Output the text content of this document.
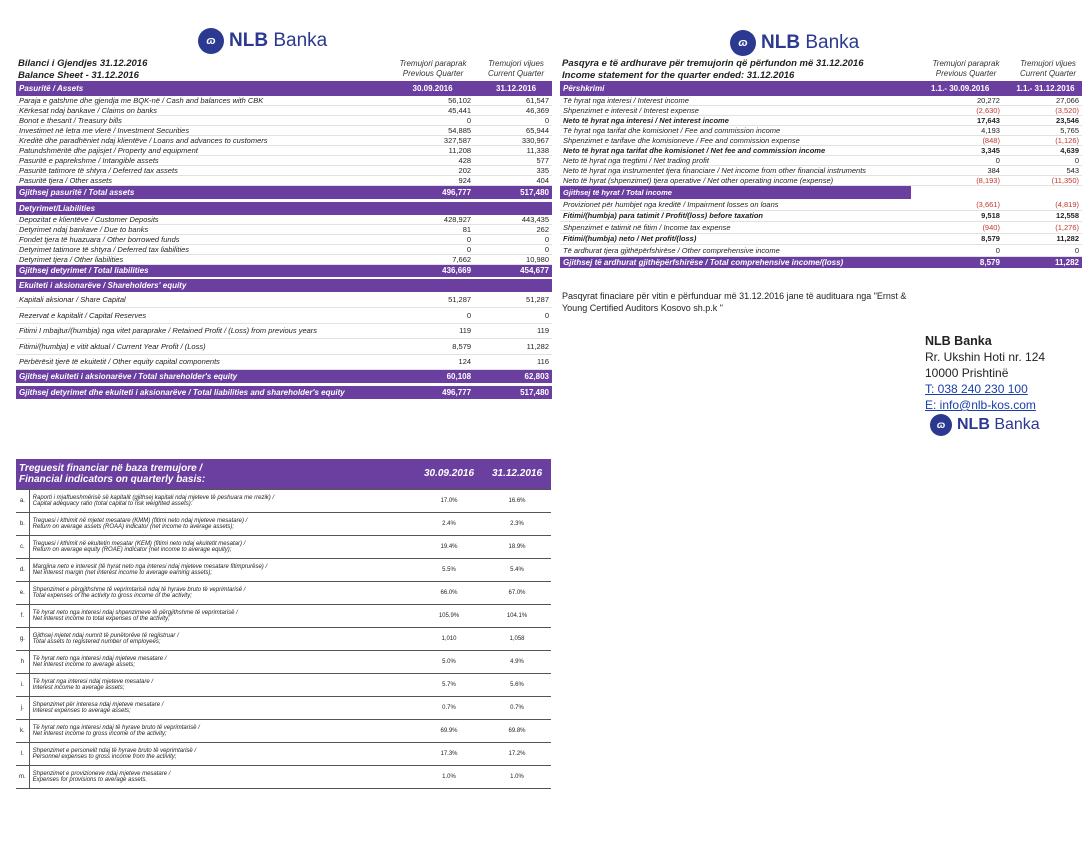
ɷ NLB Banka	ɷ NLB Banka
ɷ NLB Banka
Bilanci i Gjendjes 31.12.2016
Balance Sheet - 31.12.2016
Tremujori paraprak
Previous Quarter
Tremujori vijues
Current Quarter
Pasuritë / Assets		30.09.2016		31.12.2016
Paraja e gatshme dhe gjendja me BQK-në / Cash and balances with CBK		56,102		61,547
Kërkesat ndaj bankave / Claims on banks		45,441		46,369
Bonot e thesarit / Treasury bills		0		0
Investimet në letra me vlerë / Investment Securities		54,885		65,944
Kreditë dhe paradhëniet ndaj klientëve / Loans and advances to customers		327,587		330,967
Patundshmëritë dhe pajisjet / Property and equipment		11,208		11,338
Pasuritë e paprekshme / Intangible assets		428		577
Pasuritë tatimore të shtyra / Deferred tax assets		202		335
Pasuritë tjera / Other assets		924		404
Gjithsej pasuritë / Total assets		496,777		517,480

Detyrimet/Liabilities				
Depozitat e klientëve / Customer Deposits		428,927		443,435
Detyrimet ndaj bankave / Due to banks		81		262
Fondet tjera të huazuara / Other borrowed funds		0		0
Detyrimet tatimore të shtyra / Deferred tax liabilities		0		0
Detyrimet tjera / Other liabilities		7,662		10,980
Gjithsej detyrimet / Total liabilities		436,669		454,677

Ekuiteti i aksionarëve / Shareholders' equity				
Kapitali aksionar / Share Capital		51,287		51,287
Rezervat e kapitalit / Capital Reserves		0		0
Fitimi I mbajtur/(humbja) nga vitet paraprake / Retained Profit / (Loss) from previous years		119		119
Fitimi/(humbja) e vitit aktual / Current Year Profit / (Loss)		8,579		11,282
Përbërësit tjerë të ekuitetit / Other equity capital components		124		116
Gjithsej ekuiteti i aksionarëve / Total shareholder's equity		60,108		62,803

Gjithsej detyrimet dhe ekuiteti i aksionarëve / Total liabilities and shareholder's equity		496,777		517,480
Pasqyra e të ardhurave për tremujorin që përfundon më 31.12.2016
Income statement for the quarter ended: 31.12.2016
Tremujori paraprak
Previous Quarter
Tremujori vijues
Current Quarter
Përshkrimi		1.1.- 30.09.2016		1.1.- 31.12.2016
Të hyrat nga interesi / Interest income		20,272		27,066
Shpenzimet e interesit / Interest expense		(2,630)		(3,520)
Neto të hyrat nga interesi / Net interest income		17,643		23,546
Të hyrat nga tarifat dhe komisionet / Fee and commission income		4,193		5,765
Shpenzimet e tarifave dhe komisioneve / Fee and commission expense		(848)		(1,126)
Neto të hyrat nga tarifat dhe komisionet / Net fee and commission income		3,345		4,639
Neto të hyrat nga tregtimi / Net trading profit		0		0
Neto të hyrat nga instrumentet tjera financiare / Net income from other financial instruments		384		543
Neto të hyrat (shpenzimet) tjera operative / Net other operating income (expense)		(8,193)		(11,350)
Gjithsej të hyrat / Total income				
Provizionet për humbjet nga kreditë / Impairment losses on loans		(3,661)		(4,819)
Fitimi/(humbja) para tatimit / Profit/(loss) before taxation		9,518		12,558
Shpenzimet e tatimit në fitim / Income tax expense		(940)		(1,276)
Fitimi/(humbja) neto / Net profit/(loss)		8,579		11,282
Të ardhurat tjera gjithëpërfshirëse / Other comprehensive income		0		0
Gjithsej të ardhurat gjithëpërfshirëse / Total comprehensive income/(loss)		8,579		11,282
Pasqyrat finaciare për vitin e përfunduar më 31.12.2016 jane të audituara nga "Ernst & Young Certified Auditors Kosovo sh.p.k "
NLB Banka
Rr. Ukshin Hoti nr. 124
10000 Prishtinë
T: 038 240 230 100
E: info@nlb-kos.com
Treguesit financiar në baza tremujore /
Financial indicators on quarterly basis:		30.09.2016	31.12.2016
a.	Raporti i mjaftueshmërisë së kapitalit (gjithsej kapitali ndaj mjeteve të peshuara me rrezik) /
Capital adequacy ratio (total capital to risk weighted assets):	17.0%	16.6%
b.	Treguesi i kthimit në mjetet mesatare (KMM) (fitimi neto ndaj mjeteve mesatare) /
Return on average assets (ROAA) indicator (net income to average assets);	2.4%	2.3%
c.	Treguesi i kthimit në ekuitetin mesatar (KEM) (fitimi neto ndaj ekuitetit mesatar) /
Return on average equity (ROAE) indicator (net income to average equity);	19.4%	18.9%
d.	Margjina neto e interesit (të hyrat neto nga interesi ndaj mjeteve mesatare fitimprurëse) /
Net interest margin (net interest income to average earning assets);	5.5%	5.4%
e.	Shpenzimet e përgjithshme të veprimtarisë ndaj të hyrave bruto të veprimtarisë /
Total expenses of the activity to gross income of the activity;	66.0%	67.0%
f.	Të hyrat neto nga interesi ndaj shpenzimeve të përgjithshme të veprimtarisë /
Net interest income to total expenses of the activity;	105.9%	104.1%
g.	Gjithsej mjetet ndaj numrit të punëtorëve të regjistruar /
Total assets to registered number of employees;	1,010	1,058
h	Të hyrat neto nga interesi ndaj mjeteve mesatare /
Net interest income to average assets;	5.0%	4.9%
i.	Të hyrat nga interesi ndaj mjeteve mesatare /
Interest income to average assets;	5.7%	5.6%
j.	Shpenzimet për interesa ndaj mjeteve mesatare /
Interest expenses to average assets;	0.7%	0.7%
k.	Të hyrat neto nga interesi ndaj të hyrave bruto të veprimtarisë /
Net interest income to gross income of the activity;	69.9%	69.8%
l.	Shpenzimet e personelit ndaj të hyrave bruto të veprimtarisë /
Personnel expenses to gross income from the activity;	17.3%	17.2%
m.	Shpenzimet e provizioneve ndaj mjeteve mesatare /
Expenses for provisions to average assets.	1.0%	1.0%
